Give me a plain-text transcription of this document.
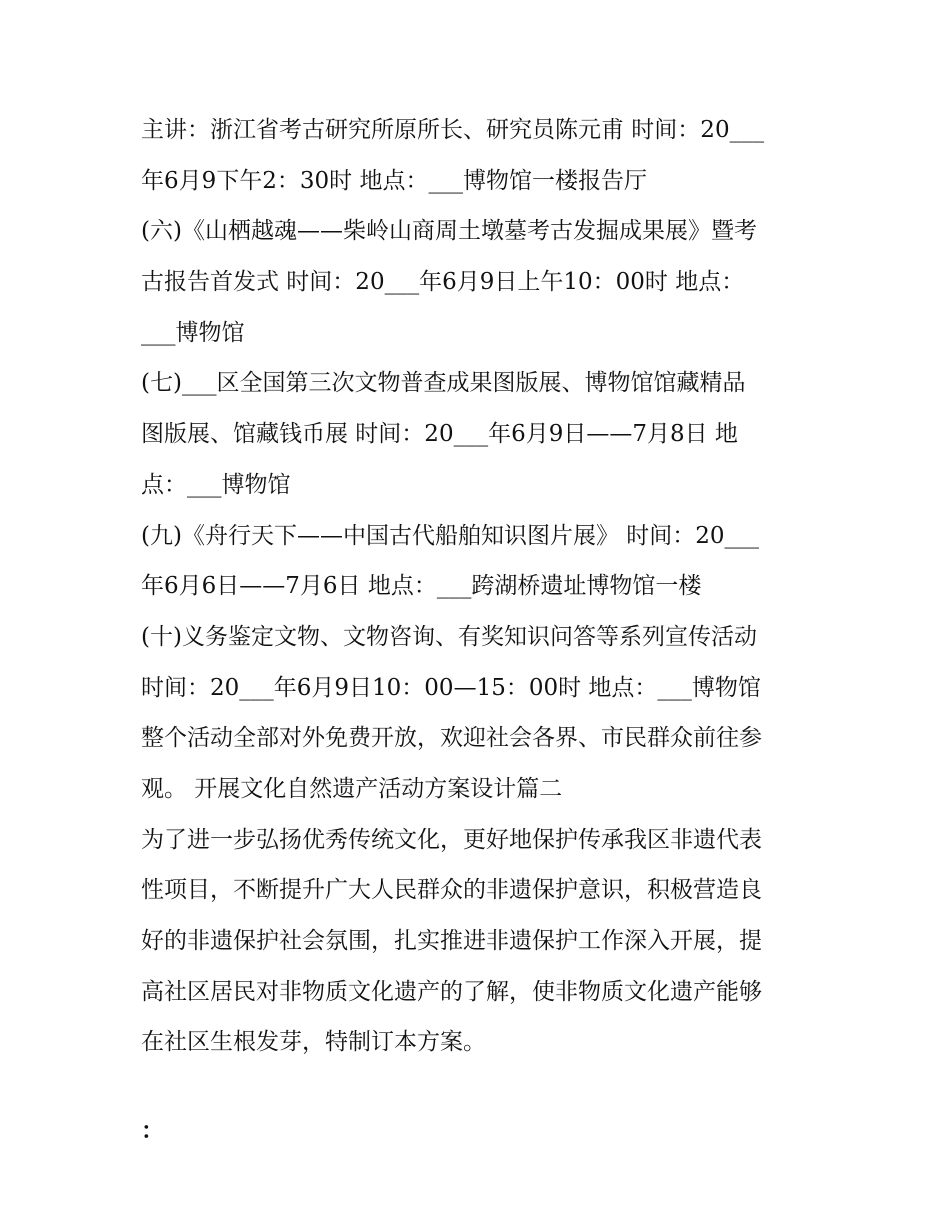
主讲：浙江省考古研究所原所长、研究员陈元甫 时间：20___
年6月9下午2：30时 地点：___博物馆一楼报告厅
(六)《山栖越魂——柴岭山商周土墩墓考古发掘成果展》暨考
古报告首发式 时间：20___年6月9日上午10：00时 地点：
___博物馆
(七)___区全国第三次文物普查成果图版展、博物馆馆藏精品
图版展、馆藏钱币展 时间：20___年6月9日——7月8日 地
点：___博物馆
(九)《舟行天下——中国古代船舶知识图片展》 时间：20___
年6月6日——7月6日 地点：___跨湖桥遗址博物馆一楼
(十)义务鉴定文物、文物咨询、有奖知识问答等系列宣传活动
时间：20___年6月9日10：00—15：00时 地点：___博物馆
整个活动全部对外免费开放，欢迎社会各界、市民群众前往参
观。 开展文化自然遗产活动方案设计篇二
为了进一步弘扬优秀传统文化，更好地保护传承我区非遗代表
性项目，不断提升广大人民群众的非遗保护意识，积极营造良
好的非遗保护社会氛围，扎实推进非遗保护工作深入开展，提
高社区居民对非物质文化遗产的了解，使非物质文化遗产能够
在社区生根发芽，特制订本方案。
：
